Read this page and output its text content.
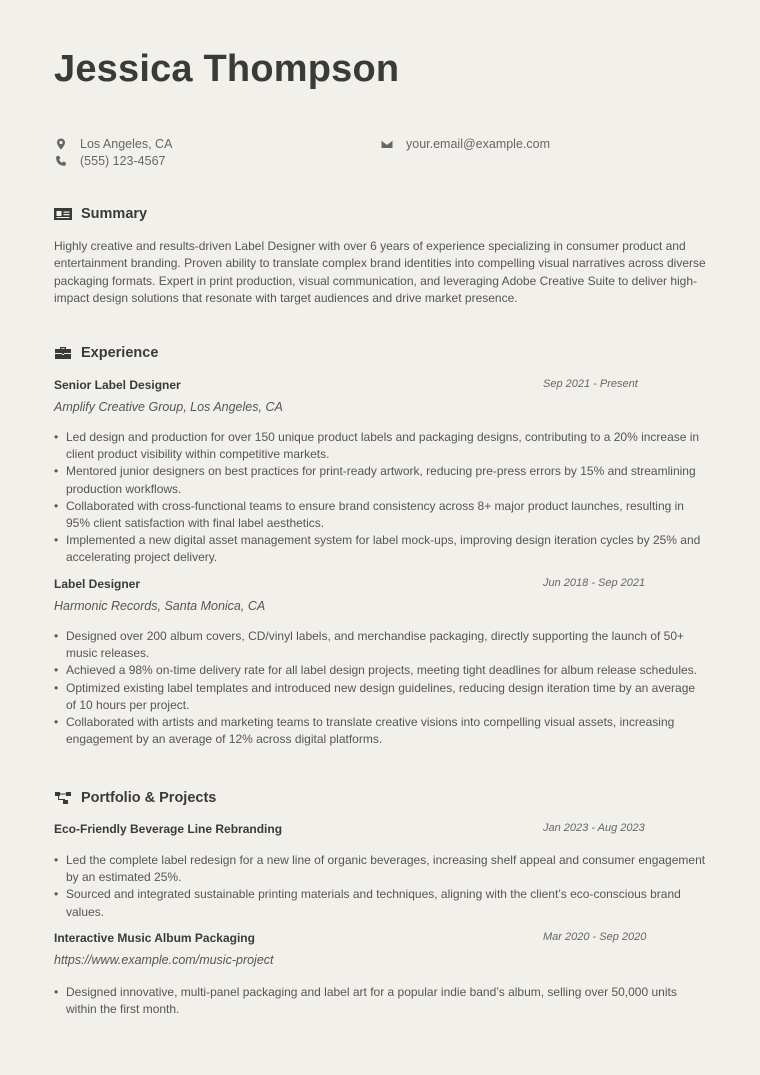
Jessica Thompson
Los Angeles, CA
(555) 123-4567
your.email@example.com
Summary

Highly creative and results-driven Label Designer with over 6 years of experience specializing in consumer product and entertainment branding. Proven ability to translate complex brand identities into compelling visual narratives across diverse packaging formats. Expert in print production, visual communication, and leveraging Adobe Creative Suite to deliver high-impact design solutions that resonate with target audiences and drive market presence.

Experience
Senior Label Designer	Sep 2021 - Present
Amplify Creative Group, Los Angeles, CA
• Led design and production for over 150 unique product labels and packaging designs, contributing to a 20% increase in client product visibility within competitive markets.
• Mentored junior designers on best practices for print-ready artwork, reducing pre-press errors by 15% and streamlining production workflows.
• Collaborated with cross-functional teams to ensure brand consistency across 8+ major product launches, resulting in 95% client satisfaction with final label aesthetics.
• Implemented a new digital asset management system for label mock-ups, improving design iteration cycles by 25% and accelerating project delivery.
Label Designer	Jun 2018 - Sep 2021
Harmonic Records, Santa Monica, CA
• Designed over 200 album covers, CD/vinyl labels, and merchandise packaging, directly supporting the launch of 50+ music releases.
• Achieved a 98% on-time delivery rate for all label design projects, meeting tight deadlines for album release schedules.
• Optimized existing label templates and introduced new design guidelines, reducing design iteration time by an average of 10 hours per project.
• Collaborated with artists and marketing teams to translate creative visions into compelling visual assets, increasing engagement by an average of 12% across digital platforms.
Portfolio & Projects
Eco-Friendly Beverage Line Rebranding	Jan 2023 - Aug 2023
• Led the complete label redesign for a new line of organic beverages, increasing shelf appeal and consumer engagement by an estimated 25%.
• Sourced and integrated sustainable printing materials and techniques, aligning with the client’s eco-conscious brand values.
Interactive Music Album Packaging	Mar 2020 - Sep 2020
https://www.example.com/music-project
• Designed innovative, multi-panel packaging and label art for a popular indie band’s album, selling over 50,000 units within the first month.
